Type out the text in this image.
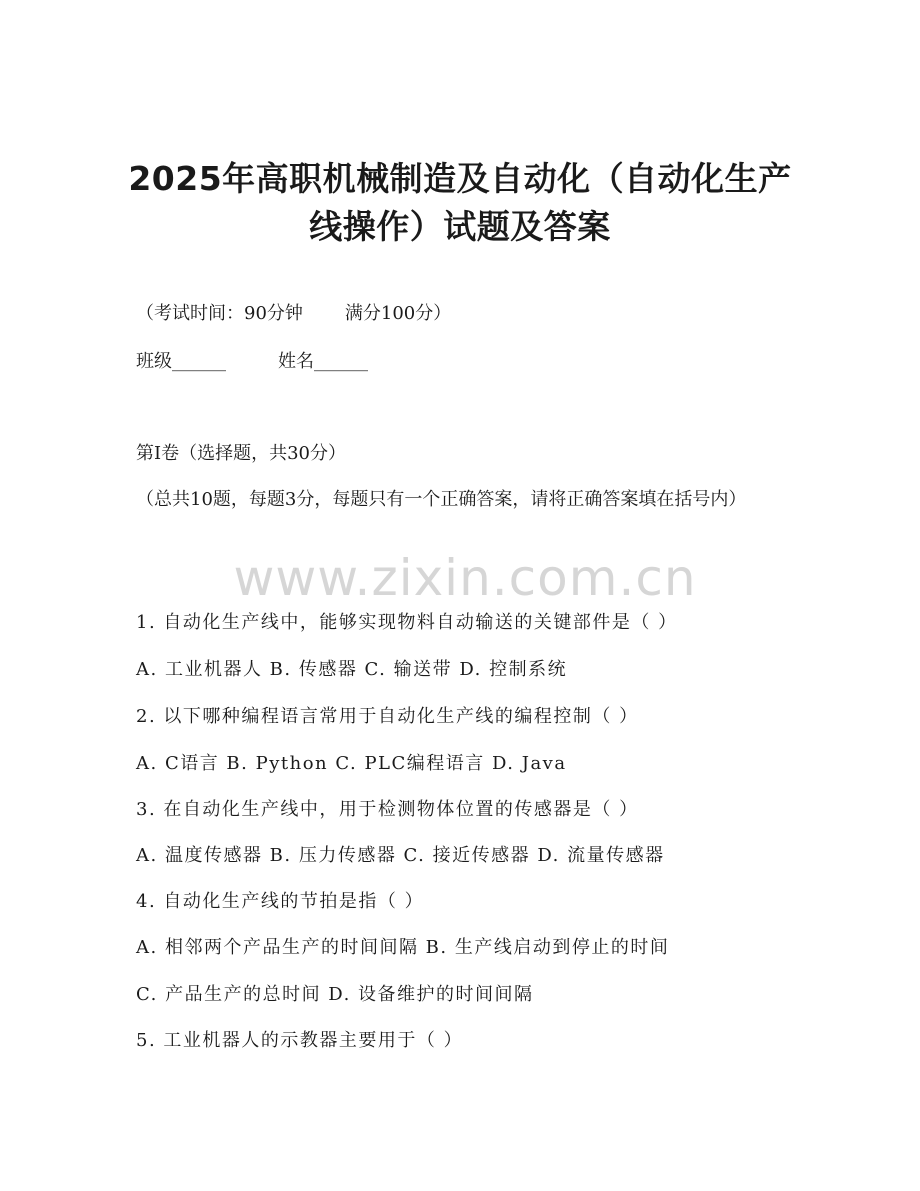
2025年高职机械制造及自动化（自动化生产
线操作）试题及答案
（考试时间：90分钟 满分100分）
班级______	姓名______
第I卷（选择题，共30分）
（总共10题，每题3分，每题只有一个正确答案，请将正确答案填在括号内）
www.zixin.com.cn
1. 自动化生产线中，能够实现物料自动输送的关键部件是（ ）
A. 工业机器人 B. 传感器 C. 输送带 D. 控制系统
2. 以下哪种编程语言常用于自动化生产线的编程控制（ ）
A. C语言 B. Python C. PLC编程语言 D. Java
3. 在自动化生产线中，用于检测物体位置的传感器是（ ）
A. 温度传感器 B. 压力传感器 C. 接近传感器 D. 流量传感器
4. 自动化生产线的节拍是指（ ）
A. 相邻两个产品生产的时间间隔 B. 生产线启动到停止的时间
C. 产品生产的总时间 D. 设备维护的时间间隔
5. 工业机器人的示教器主要用于（ ）
